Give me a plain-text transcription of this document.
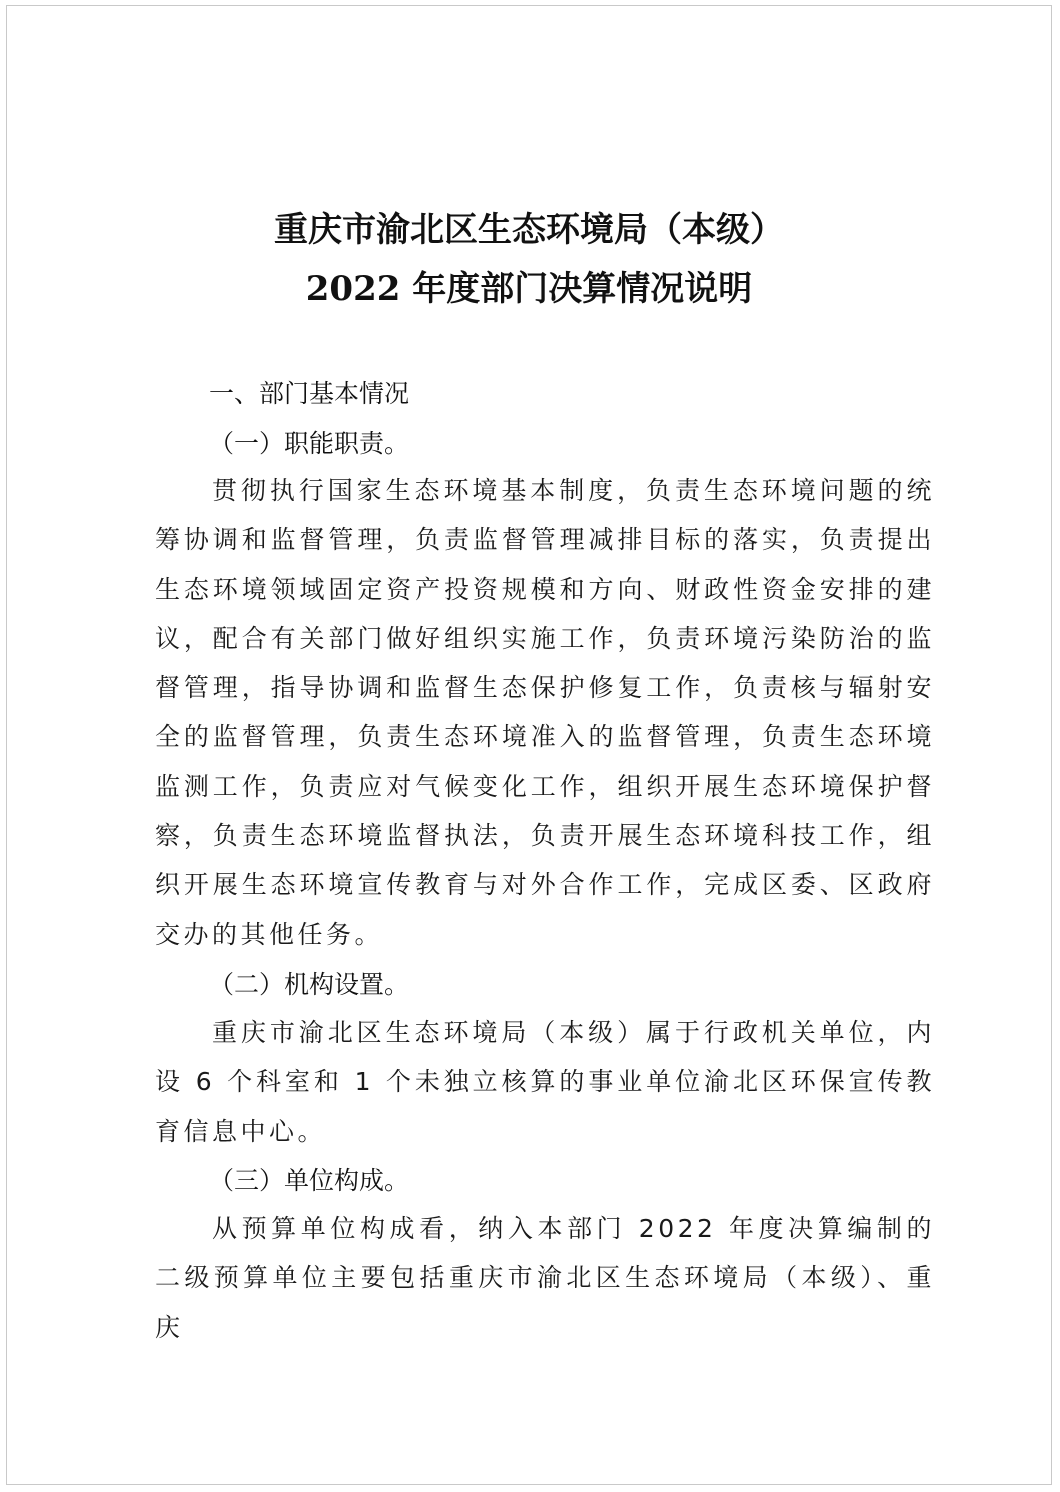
重庆市渝北区生态环境局（本级）
2022 年度部门决算情况说明
一、部门基本情况
（一）职能职责。

贯彻执行国家生态环境基本制度，负责生态环境问题的统筹协调和监督管理，负责监督管理减排目标的落实，负责提出生态环境领域固定资产投资规模和方向、财政性资金安排的建议，配合有关部门做好组织实施工作，负责环境污染防治的监督管理，指导协调和监督生态保护修复工作，负责核与辐射安全的监督管理，负责生态环境准入的监督管理，负责生态环境监测工作，负责应对气候变化工作，组织开展生态环境保护督察，负责生态环境监督执法，负责开展生态环境科技工作，组织开展生态环境宣传教育与对外合作工作，完成区委、区政府交办的其他任务。

（二）机构设置。

重庆市渝北区生态环境局（本级）属于行政机关单位，内设 6 个科室和 1 个未独立核算的事业单位渝北区环保宣传教育信息中心。

（三）单位构成。

从预算单位构成看，纳入本部门 2022 年度决算编制的二级预算单位主要包括重庆市渝北区生态环境局（本级）、重庆
